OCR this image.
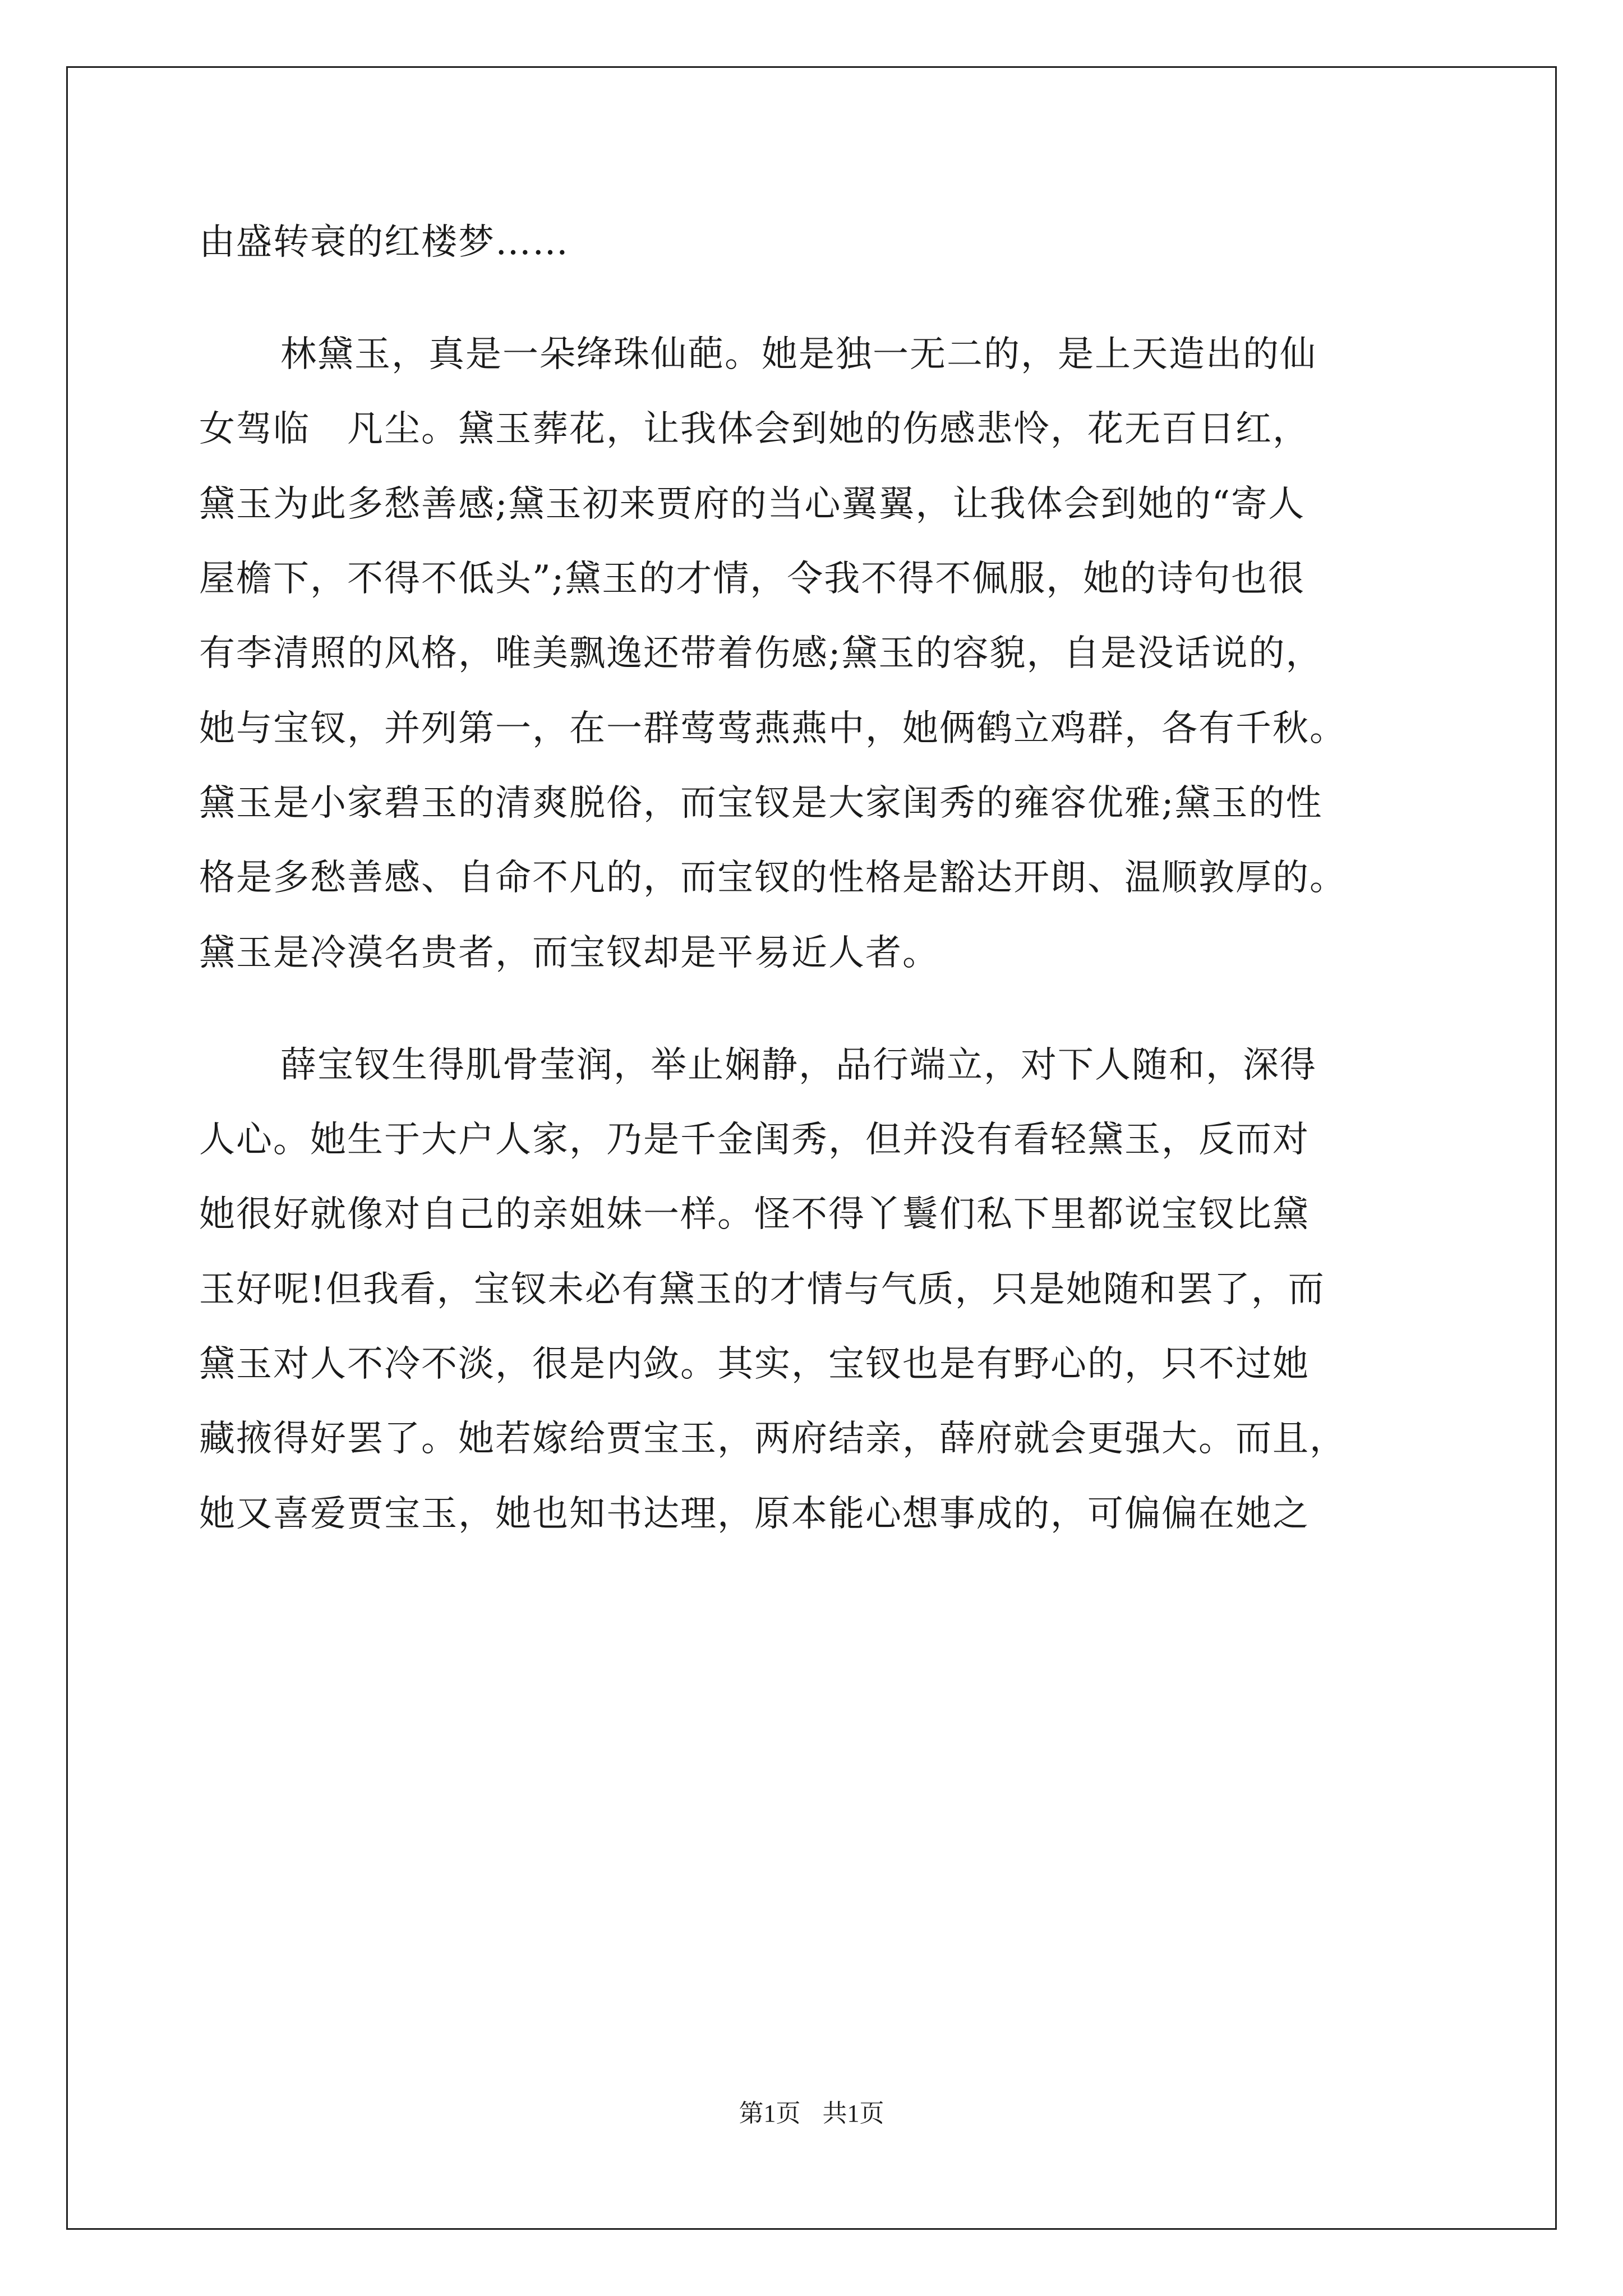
由盛转衰的红楼梦……
林黛玉，真是一朵绛珠仙葩。她是独一无二的，是上天造出的仙
女驾临　凡尘。黛玉葬花，让我体会到她的伤感悲怜，花无百日红，
黛玉为此多愁善感;黛玉初来贾府的当心翼翼，让我体会到她的“寄人
屋檐下，不得不低头”;黛玉的才情，令我不得不佩服，她的诗句也很
有李清照的风格，唯美飘逸还带着伤感;黛玉的容貌，自是没话说的，
她与宝钗，并列第一，在一群莺莺燕燕中，她俩鹤立鸡群，各有千秋。
黛玉是小家碧玉的清爽脱俗，而宝钗是大家闺秀的雍容优雅;黛玉的性
格是多愁善感、自命不凡的，而宝钗的性格是豁达开朗、温顺敦厚的。
黛玉是冷漠名贵者，而宝钗却是平易近人者。
薛宝钗生得肌骨莹润，举止娴静，品行端立，对下人随和，深得
人心。她生于大户人家，乃是千金闺秀，但并没有看轻黛玉，反而对
她很好就像对自己的亲姐妹一样。怪不得丫鬟们私下里都说宝钗比黛
玉好呢!但我看，宝钗未必有黛玉的才情与气质，只是她随和罢了，而
黛玉对人不冷不淡，很是内敛。其实，宝钗也是有野心的，只不过她
藏掖得好罢了。她若嫁给贾宝玉，两府结亲，薛府就会更强大。而且，
她又喜爱贾宝玉，她也知书达理，原本能心想事成的，可偏偏在她之
第1页 共1页
